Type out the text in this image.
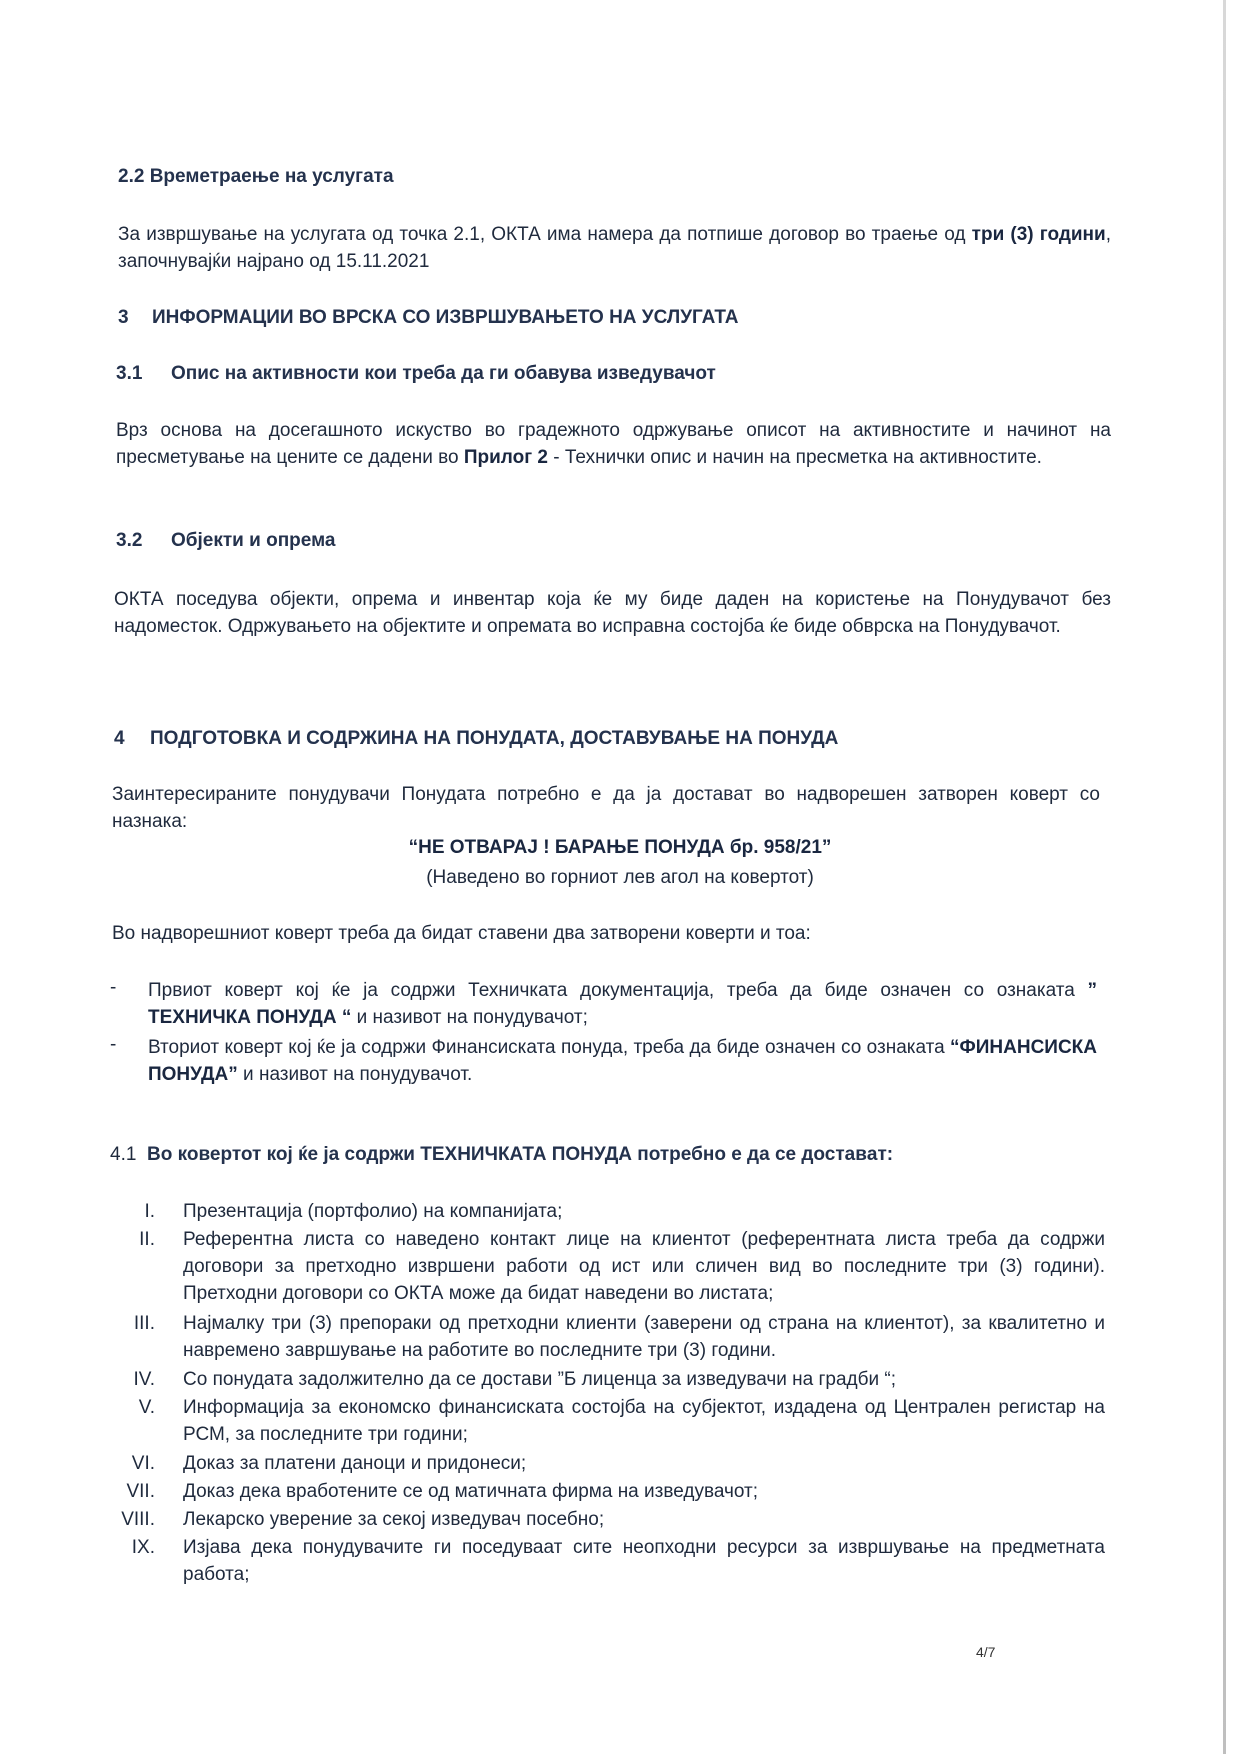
2.2 Времетраење на услугата
За извршување на услугата од точка 2.1, ОКТА има намера да потпише договор во траење од три (3) години, започнувајќи најрано од 15.11.2021
3 ИНФОРМАЦИИ ВО ВРСКА СО ИЗВРШУВАЊЕТО НА УСЛУГАТА
3.1 Опис на активности кои треба да ги обавува изведувачот
Врз основа на досегашното искуство во градежното одржување описот на активностите и начинот на пресметување на цените се дадени во Прилог 2 - Технички опис и начин на пресметка на активностите.
3.2 Објекти и опрема
ОКТА поседува објекти, опрема и инвентар која ќе му биде даден на користење на Понудувачот без надоместок. Одржувањето на објектите и опремата во исправна состојба ќе биде обврска на Понудувачот.
4 ПОДГОТОВКА И СОДРЖИНА НА ПОНУДАТА, ДОСТАВУВАЊЕ НА ПОНУДА
Заинтересираните понудувачи Понудата потребно е да ја доставaт во надворешен затворен коверт со назнака:
“НЕ ОТВАРАЈ ! БАРАЊЕ ПОНУДА бр. 958/21”
(Наведено во горниот лев агол на ковертот)
Во надворешниот коверт треба да бидат ставени два затворени коверти и тоа:
- Првиот коверт кој ќе ја содржи Техничката документација, треба да биде означен со ознаката ” ТЕХНИЧКА ПОНУДА “ и називот на понудувачот;
- Вториот коверт кој ќе ја содржи Финансиската понуда, треба да биде означен со ознаката “ФИНАНСИСКА ПОНУДА” и називот на понудувачот.
4.1 Во ковертот кој ќе ја содржи ТЕХНИЧКАТА ПОНУДА потребно е да се доставaт:
I. Презентација (портфолио) на компанијата;
II. Референтна листа со наведено контакт лице на клиентот (референтната листа треба да содржи договори за претходно извршени работи од ист или сличен вид во последните три (3) години). Претходни договори со ОКТА може да бидат наведени во листата;
III. Најмалку три (3) препораки од претходни клиенти (заверени од страна на клиентот), за квалитетно и навремено завршување на работите во последните три (3) години.
IV. Со понудата задолжително да се достави ”Б лиценца за изведувачи на градби “;
V. Информација за економско финансиската состојба на субјектот, издадена од Централен регистар на РСМ, за последните три години;
VI. Доказ за платени даноци и придонеси;
VII. Доказ дека вработените се од матичната фирма на изведувачот;
VIII. Лекарско уверение за секој изведувач посебно;
IX. Изјава дека понудувачите ги поседуваат сите неопходни ресурси за извршување на предметната работа;
4/7
